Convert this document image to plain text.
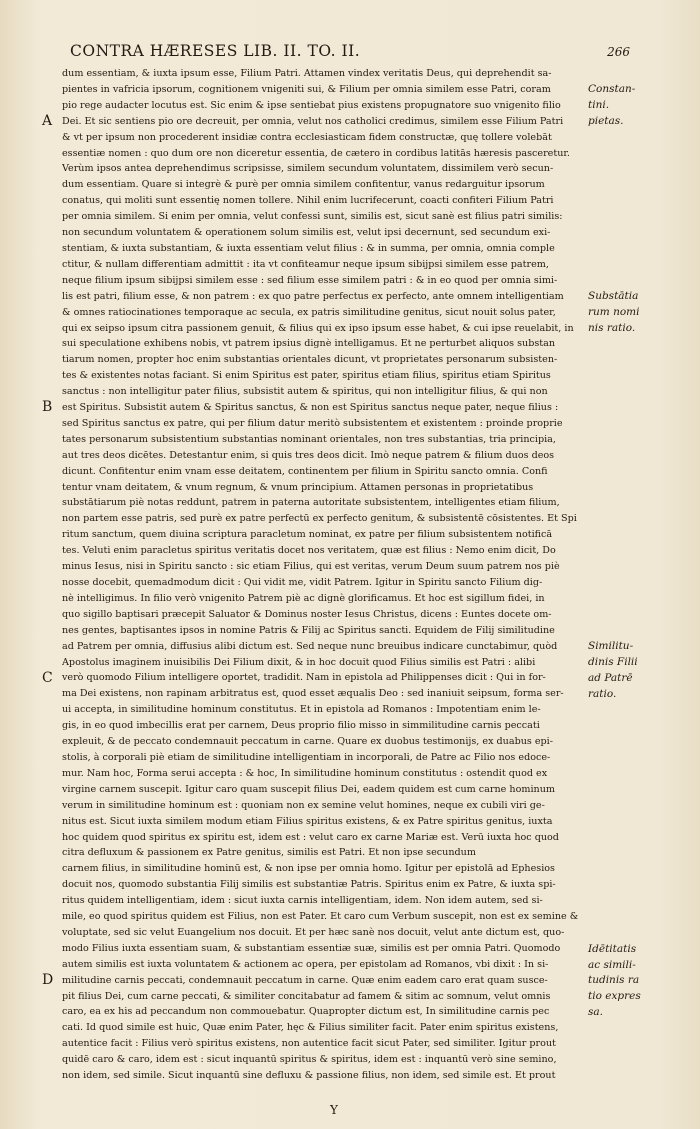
CONTRA HÆRESES LIB. II. TO. II.	266
dum essentiam, & iuxta ipsum esse, Filium Patri. Attamen vindex veritatis Deus, qui deprehendit sa-
pientes in vafricia ipsorum, cognitionem vnigeniti sui, & Filium per omnia similem esse Patri, coram
pio rege audacter locutus est. Sic enim & ipse sentiebat pius existens propugnatore suo vnigenito filio
Dei. Et sic sentiens pio ore decreuit, per omnia, velut nos catholici credimus, similem esse Filium Patri
& vt per ipsum non procederent insidiæ contra ecclesiasticam fidem constructæ, quę tollere volebāt
essentiæ nomen : quo dum ore non diceretur essentia, de cætero in cordibus latitās hæresis pasceretur.
Verùm ipsos antea deprehendimus scripsisse, similem secundum voluntatem, dissimilem verò secun-
dum essentiam. Quare si integrè & purè per omnia similem confitentur, vanus redarguitur ipsorum
conatus, qui moliti sunt essentię nomen tollere. Nihil enim lucrifecerunt, coacti confiteri Filium Patri
per omnia similem. Si enim per omnia, velut confessi sunt, similis est, sicut sanè est filius patri similis:
non secundum voluntatem & operationem solum similis est, velut ipsi decernunt, sed secundum exi-
stentiam, & iuxta substantiam, & iuxta essentiam velut filius : & in summa, per omnia, omnia comple
ctitur, & nullam differentiam admittit : ita vt confiteamur neque ipsum sibijpsi similem esse patrem,
neque filium ipsum sibijpsi similem esse : sed filium esse similem patri : & in eo quod per omnia simi-
lis est patri, filium esse, & non patrem : ex quo patre perfectus ex perfecto, ante omnem intelligentiam
& omnes ratiocinationes temporaque ac secula, ex patris similitudine genitus, sicut nouit solus pater,
qui ex seipso ipsum citra passionem genuit, & filius qui ex ipso ipsum esse habet, & cui ipse reuelabit, in
sui speculatione exhibens nobis, vt patrem ipsius dignè intelligamus. Et ne perturbet aliquos substan
tiarum nomen, propter hoc enim substantias orientales dicunt, vt proprietates personarum subsisten-
tes & existentes notas faciant. Si enim Spiritus est pater, spiritus etiam filius, spiritus etiam Spiritus
sanctus : non intelligitur pater filius, subsistit autem & spiritus, qui non intelligitur filius, & qui non
est Spiritus. Subsistit autem & Spiritus sanctus, & non est Spiritus sanctus neque pater, neque filius :
sed Spiritus sanctus ex patre, qui per filium datur meritò subsistentem et existentem : proinde proprie
tates personarum subsistentium substantias nominant orientales, non tres substantias, tria principia,
aut tres deos dicētes. Detestantur enim, si quis tres deos dicit. Imò neque patrem & filium duos deos
dicunt. Confitentur enim vnam esse deitatem, continentem per filium in Spiritu sancto omnia. Confi
tentur vnam deitatem, & vnum regnum, & vnum principium. Attamen personas in proprietatibus
substātiarum piè notas reddunt, patrem in paterna autoritate subsistentem, intelligentes etiam filium,
non partem esse patris, sed purè ex patre perfectū ex perfecto genitum, & subsistentē cōsistentes. Et Spi
ritum sanctum, quem diuina scriptura paracletum nominat, ex patre per filium subsistentem notificā
tes. Veluti enim paracletus spiritus veritatis docet nos veritatem, quæ est filius : Nemo enim dicit, Do
minus Iesus, nisi in Spiritu sancto : sic etiam Filius, qui est veritas, verum Deum suum patrem nos piè
nosse docebit, quemadmodum dicit : Qui vidit me, vidit Patrem. Igitur in Spiritu sancto Filium dig-
nè intelligimus. In filio verò vnigenito Patrem piè ac dignè glorificamus. Et hoc est sigillum fidei, in
quo sigillo baptisari præcepit Saluator & Dominus noster Iesus Christus, dicens : Euntes docete om-
nes gentes, baptisantes ipsos in nomine Patris & Filij ac Spiritus sancti. Equidem de Filij similitudine
ad Patrem per omnia, diffusius alibi dictum est. Sed neque nunc breuibus indicare cunctabimur, quòd
Apostolus imaginem inuisibilis Dei Filium dixit, & in hoc docuit quod Filius similis est Patri : alibi
verò quomodo Filium intelligere oportet, tradidit. Nam in epistola ad Philippenses dicit : Qui in for-
ma Dei existens, non rapinam arbitratus est, quod esset æqualis Deo : sed inaniuit seipsum, forma ser-
ui accepta, in similitudine hominum constitutus. Et in epistola ad Romanos : Impotentiam enim le-
gis, in eo quod imbecillis erat per carnem, Deus proprio filio misso in simmilitudine carnis peccati
expleuit, & de peccato condemnauit peccatum in carne. Quare ex duobus testimonijs, ex duabus epi-
stolis, à corporali piè etiam de similitudine intelligentiam in incorporali, de Patre ac Filio nos edoce-
mur. Nam hoc, Forma serui accepta : & hoc, In similitudine hominum constitutus : ostendit quod ex
virgine carnem suscepit. Igitur caro quam suscepit filius Dei, eadem quidem est cum carne hominum
verum in similitudine hominum est : quoniam non ex semine velut homines, neque ex cubili viri ge-
nitus est. Sicut iuxta similem modum etiam Filius spiritus existens, & ex Patre spiritus genitus, iuxta
hoc quidem quod spiritus ex spiritu est, idem est : velut caro ex carne Mariæ est. Verū iuxta hoc quod
citra defluxum & passionem ex Patre genitus, similis est Patri. Et non ipse secundum
carnem filius, in similitudine hominū est, & non ipse per omnia homo. Igitur per epistolā ad Ephesios
docuit nos, quomodo substantia Filij similis est substantiæ Patris. Spiritus enim ex Patre, & iuxta spi-
ritus quidem intelligentiam, idem : sicut iuxta carnis intelligentiam, idem. Non idem autem, sed si-
mile, eo quod spiritus quidem est Filius, non est Pater. Et caro cum Verbum suscepit, non est ex semine &
voluptate, sed sic velut Euangelium nos docuit. Et per hæc sanè nos docuit, velut ante dictum est, quo-
modo Filius iuxta essentiam suam, & substantiam essentiæ suæ, similis est per omnia Patri. Quomodo
autem similis est iuxta voluntatem & actionem ac opera, per epistolam ad Romanos, vbi dixit : In si-
militudine carnis peccati, condemnauit peccatum in carne. Quæ enim eadem caro erat quam susce-
pit filius Dei, cum carne peccati, & similiter concitabatur ad famem & sitim ac somnum, velut omnis
caro, ea ex his ad peccandum non commouebatur. Quapropter dictum est, In similitudine carnis pec
cati. Id quod simile est huic, Quæ enim Pater, hęc & Filius similiter facit. Pater enim spiritus existens,
autentice facit : Filius verò spiritus existens, non autentice facit sicut Pater, sed similiter. Igitur prout
quidē caro & caro, idem est : sicut inquantū spiritus & spiritus, idem est : inquantū verò sine semino,
non idem, sed simile. Sicut inquantū sine defluxu & passione filius, non idem, sed simile est. Et prout
A
B
C
D
Constan-
tini.
pietas.
Substātia
rum nomi
nis ratio.
Similitu-
dinis Filii
ad Patrē
ratio.
Idētitatis
ac simili-
tudinis ra
tio expres
sa.
Y
